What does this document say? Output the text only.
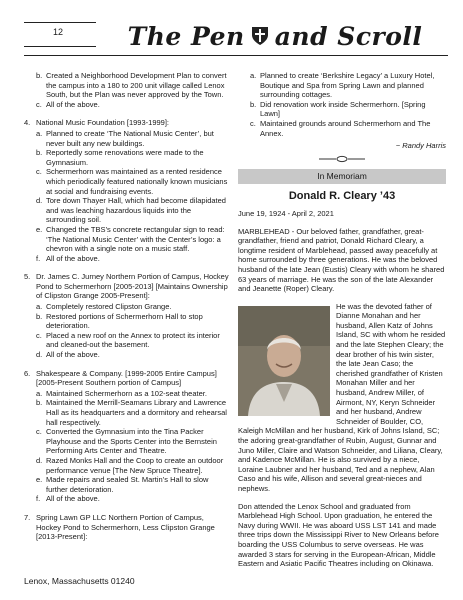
12	The Pen and Scroll
b. Created a Neighborhood Development Plan to convert the campus into a 180 to 200 unit village called Lenox South, but the Plan was never approved by the Town.
c. All of the above.
4. National Music Foundation [1993-1999]:
a. Planned to create ‘The National Music Center’, but never built any new buildings.
b. Reportedly some renovations were made to the Gymnasium.
c. Schermerhorn was maintained as a rented residence which periodically featured nationally known musicians at social and fundraising events.
d. Tore down Thayer Hall, which had become dilapidated and was leaching hazardous liquids into the surrounding soil.
e. Changed the TBS’s concrete rectangular sign to read: ‘The National Music Center’ with the Center’s logo: a chevron with a single note on a music staff.
f. All of the above.
5. Dr. James C. Jurney Northern Portion of Campus, Hockey Pond to Schermerhorn [2005-2013] [Maintains Ownership of Clipston Grange 2005-Present]:
a. Completely restored Clipston Grange.
b. Restored portions of Schermerhorn Hall to stop deterioration.
c. Placed a new roof on the Annex to protect its interior and cleaned-out the basement.
d. All of the above.
6. Shakespeare & Company. [1999-2005 Entire Campus] [2005-Present Southern portion of Campus]
a. Maintained Schermerhorn as a 102-seat theater.
b. Maintained the Merrill-Seamans Library and Lawrence Hall as its headquarters and a dormitory and rehearsal hall respectively.
c. Converted the Gymnasium into the Tina Packer Playhouse and the Sports Center into the Bernstein Performing Arts Center and Theatre.
d. Razed Monks Hall and the Coop to create an outdoor performance venue [The New Spruce Theatre].
e. Made repairs and sealed St. Martin’s Hall to slow further deterioration.
f. All of the above.
7. Spring Lawn GP LLC Northern Portion of Campus, Hockey Pond to Schermerhorn, Less Clipston Grange [2013-Present]:
a. Planned to create ‘Berkshire Legacy’ a Luxury Hotel, Boutique and Spa from Spring Lawn and planned surrounding cottages.
b. Did renovation work inside Schermerhorn. [Spring Lawn]
c. Maintained grounds around Schermerhorn and The Annex.
~ Randy Harris
In Memoriam
Donald R. Cleary ’43
June 19, 1924 - April 2, 2021
MARBLEHEAD - Our beloved father, grandfather, great-grandfather, friend and patriot, Donald Richard Cleary, a longtime resident of Marblehead, passed away peacefully at home surrounded by three generations. He was the beloved husband of the late Jean (Eustis) Cleary with whom he shared 63 years of marriage. He was the son of the late Alexander and Jeanette (Roper) Cleary.
He was the devoted father of Dianne Monahan and her husband, Allen Katz of Johns Island, SC with whom he resided and the late Stephen Cleary; the dear brother of his twin sister, the late Jean Caso; the cherished grandfather of Kristen Monahan Miller and her husband, Andrew Miller, of Airmont, NY, Keryn Schneider and her husband, Andrew Schneider of Boulder, CO, Kaleigh McMillan and her husband, Kirk of Johns Island, SC; the adoring great-grandfather of Rubin, August, Gunnar and Juno Miller, Claire and Watson Schneider, and Liliana, Cleary, and Kadence McMillan. He is also survived by a niece, Loraine Laubner and her husband, Ted and a nephew, Alan Caso and his wife, Allison and several great-nieces and nephews.
Don attended the Lenox School and graduated from Marblehead High School. Upon graduation, he entered the Navy during WWII. He was aboard USS LST 141 and made three trips down the Mississippi River to New Orleans before boarding the USS Columbus to serve overseas. He was awarded 3 stars for serving in the European-African, Middle Eastern and Asiatic Pacific Theatres including on Okinawa.
Lenox, Massachusetts 01240
